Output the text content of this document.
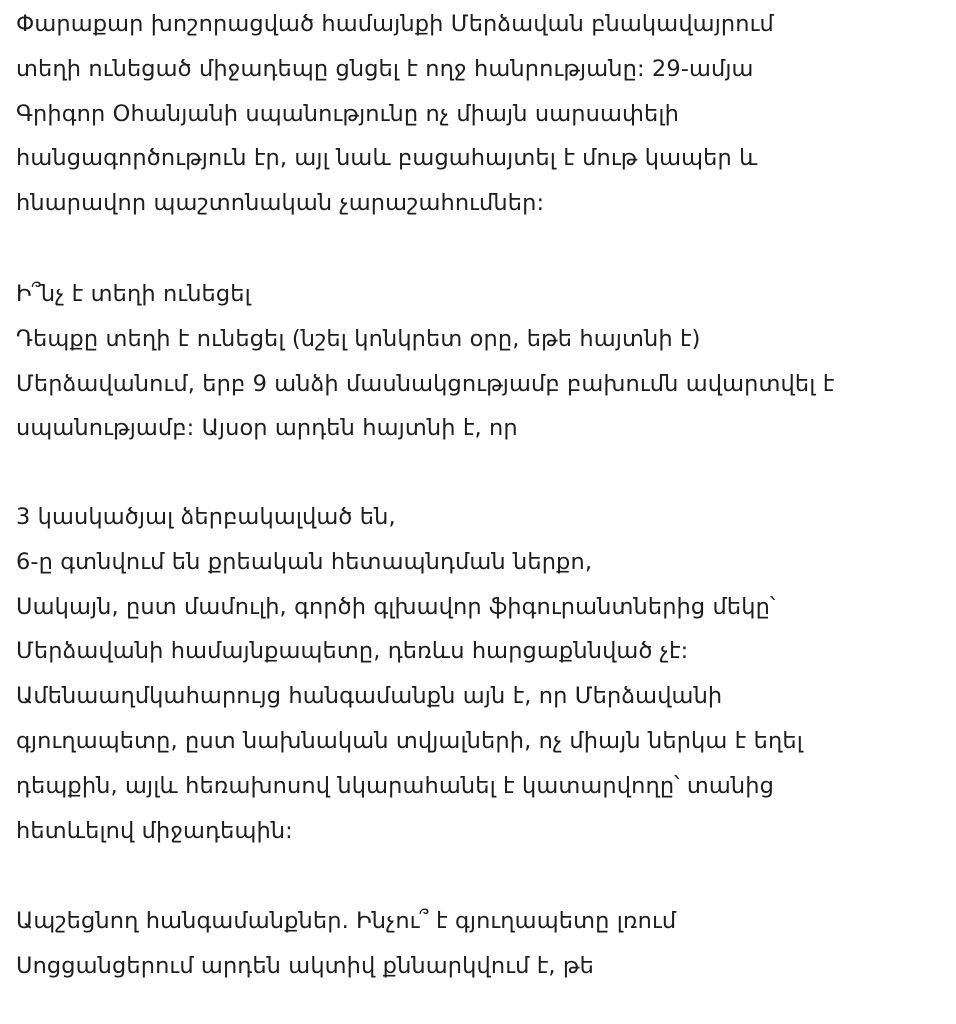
Փարաքար խոշորացված համայնքի Մերձավան բնակավայրում
տեղի ունեցած միջադեպը ցնցել է ողջ հանրությանը: 29-ամյա
Գրիգոր Օհանյանի սպանությունը ոչ միայն սարսափելի
հանցագործություն էր, այլ նաև բացահայտել է մութ կապեր և
հնարավոր պաշտոնական չարաշահումներ:
Ի՞նչ է տեղի ունեցել
Դեպքը տեղի է ունեցել (նշել կոնկրետ օրը, եթե հայտնի է)
Մերձավանում, երբ 9 անձի մասնակցությամբ բախումն ավարտվել է
սպանությամբ: Այսօր արդեն հայտնի է, որ
3 կասկածյալ ձերբակալված են,
6-ը գտնվում են քրեական հետապնդման ներքո,
Սակայն, ըստ մամուլի, գործի գլխավոր ֆիգուրանտներից մեկը՝
Մերձավանի համայնքապետը, դեռևս հարցաքննված չէ:
Ամենաաղմկահարույց հանգամանքն այն է, որ Մերձավանի
գյուղապետը, ըստ նախնական տվյալների, ոչ միայն ներկա է եղել
դեպքին, այլև հեռախոսով նկարահանել է կատարվողը՝ տանից
հետևելով միջադեպին:
Ապշեցնող հանգամանքներ. Ինչու՞ է գյուղապետը լռում
Սոցցանցերում արդեն ակտիվ քննարկվում է, թե
